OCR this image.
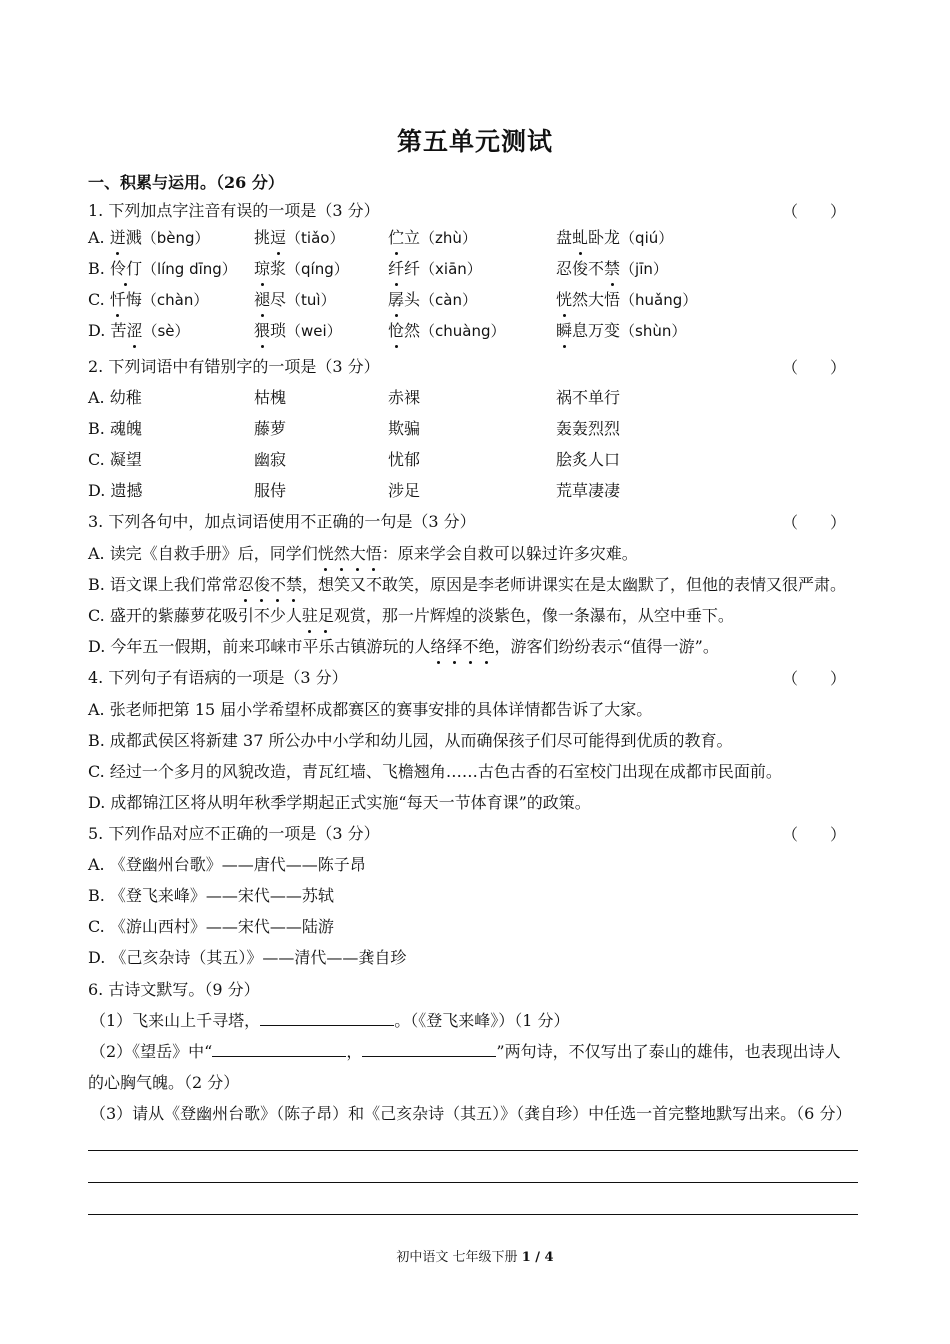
第五单元测试
一、积累与运用。（26 分）
1. 下列加点字注音有误的一项是（3 分）	（　　）
A. 迸溅（bèng）	挑逗（tiǎo）	伫立（zhù）	盘虬卧龙（qiú）
B. 伶仃（líng dīng） 琼浆（qíng） 纤纤（xiān）	忍俊不禁（jīn）
C. 忏悔（chàn）	褪尽（tuì）	孱头（càn）	恍然大悟（huǎng）
D. 苦涩（sè）	猥琐（wei）	怆然（chuàng）	瞬息万变（shùn）
2. 下列词语中有错别字的一项是（3 分）	（　　）
A. 幼稚	枯槐	赤裸	祸不单行
B. 魂魄	藤萝	欺骗	轰轰烈烈
C. 凝望	幽寂	忧郁	脍炙人口
D. 遗撼	服侍	涉足	荒草凄凄
3. 下列各句中，加点词语使用不正确的一句是（3 分）	（　　）
A. 读完《自救手册》后，同学们恍然大悟：原来学会自救可以躲过许多灾难。
B. 语文课上我们常常忍俊不禁，想笑又不敢笑，原因是李老师讲课实在是太幽默了，但他的表情又很严肃。
C. 盛开的紫藤萝花吸引不少人驻足观赏，那一片辉煌的淡紫色，像一条瀑布，从空中垂下。
D. 今年五一假期，前来邛崃市平乐古镇游玩的人络绎不绝，游客们纷纷表示“值得一游”。
4. 下列句子有语病的一项是（3 分）	（　　）
A. 张老师把第 15 届小学希望杯成都赛区的赛事安排的具体详情都告诉了大家。
B. 成都武侯区将新建 37 所公办中小学和幼儿园，从而确保孩子们尽可能得到优质的教育。
C. 经过一个多月的风貌改造，青瓦红墙、飞檐翘角……古色古香的石室校门出现在成都市民面前。
D. 成都锦江区将从明年秋季学期起正式实施“每天一节体育课”的政策。
5. 下列作品对应不正确的一项是（3 分）	（　　）
A. 《登幽州台歌》——唐代——陈子昂
B. 《登飞来峰》——宋代——苏轼
C. 《游山西村》——宋代——陆游
D. 《己亥杂诗（其五）》——清代——龚自珍
6. 古诗文默写。（9 分）
（1）飞来山上千寻塔，	。（《登飞来峰》）（1 分）
（2）《望岳》中“	，	”两句诗，不仅写出了泰山的雄伟，也表现出诗人
的心胸气魄。（2 分）
（3）请从《登幽州台歌》（陈子昂）和《己亥杂诗（其五）》（龚自珍）中任选一首完整地默写出来。（6 分）
初中语文 七年级下册 1 / 4
